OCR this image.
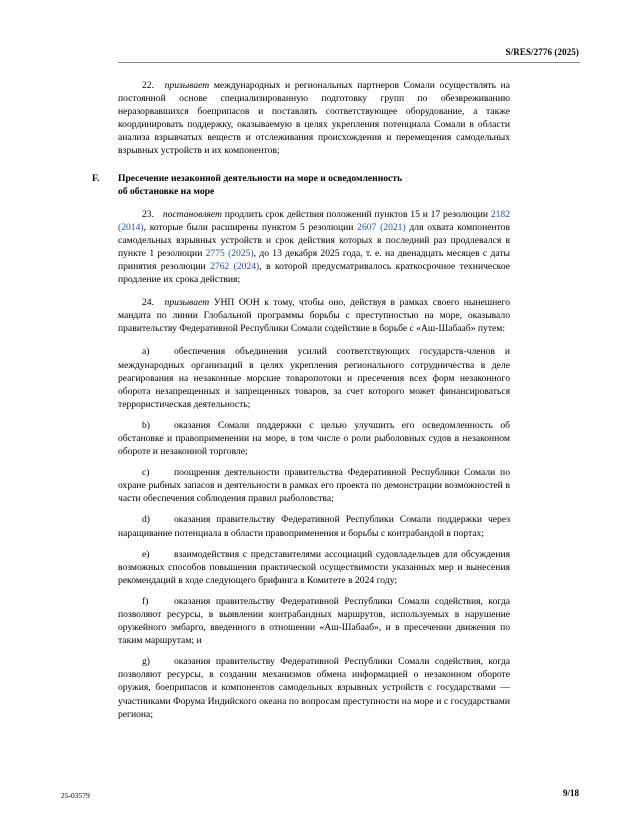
S/RES/2776 (2025)

22. призывает международных и региональных партнеров Сомали осуществлять на постоянной основе специализированную подготовку групп по обезвреживанию неразорвавшихся боеприпасов и поставлять соответствующее оборудование, а также координировать поддержку, оказываемую в целях укрепления потенциала Сомали в области анализа взрывчатых веществ и отслеживания происхождения и перемещения самодельных взрывных устройств и их компонентов;

F. Пресечение незаконной деятельности на море и осведомленность
об обстановке на море

23. постановляет продлить срок действия положений пунктов 15 и 17 резолюции 2182 (2014), которые были расширены пунктом 5 резолюции 2607 (2021) для охвата компонентов самодельных взрывных устройств и срок действия которых в последний раз продлевался в пункте 1 резолюции 2775 (2025), до 13 декабря 2025 года, т. е. на двенадцать месяцев с даты принятия резолюции 2762 (2024), в которой предусматривалось краткосрочное техническое продление их срока действия;

24. призывает УНП ООН к тому, чтобы оно, действуя в рамках своего нынешнего мандата по линии Глобальной программы борьбы с преступностью на море, оказывало правительству Федеративной Республики Сомали содействие в борьбе с «Аш-Шабааб» путем:

a)	обеспечения объединения усилий соответствующих государств-членов и международных организаций в целях укрепления регионального сотрудничества в деле реагирования на незаконные морские товаропотоки и пресечения всех форм незаконного оборота незапрещенных и запрещенных товаров, за счет которого может финансироваться террористическая деятельность;

b)	оказания Сомали поддержки с целью улучшить его осведомленность об обстановке и правоприменении на море, в том числе о роли рыболовных судов в незаконном обороте и незаконной торговле;

c)	поощрения деятельности правительства Федеративной Республики Сомали по охране рыбных запасов и деятельности в рамках его проекта по демонстрации возможностей в части обеспечения соблюдения правил рыболовства;

d)	оказания правительству Федеративной Республики Сомали поддержки через наращивание потенциала в области правоприменения и борьбы с контрабандой в портах;

e)	взаимодействия с представителями ассоциаций судовладельцев для обсуждения возможных способов повышения практической осуществимости указанных мер и вынесения рекомендаций в ходе следующего брифинга в Комитете в 2024 году;

f)	оказания правительству Федеративной Республики Сомали содействия, когда позволяют ресурсы, в выявлении контрабандных маршрутов, используемых в нарушение оружейного эмбарго, введенного в отношении «Аш-Шабааб», и в пресечении движения по таким маршрутам; и

g)	оказания правительству Федеративной Республики Сомали содействия, когда позволяют ресурсы, в создании механизмов обмена информацией о незаконном обороте оружия, боеприпасов и компонентов самодельных взрывных устройств с государствами — участниками Форума Индийского океана по вопросам преступности на море и с государствами региона;

25-03579	9/18
